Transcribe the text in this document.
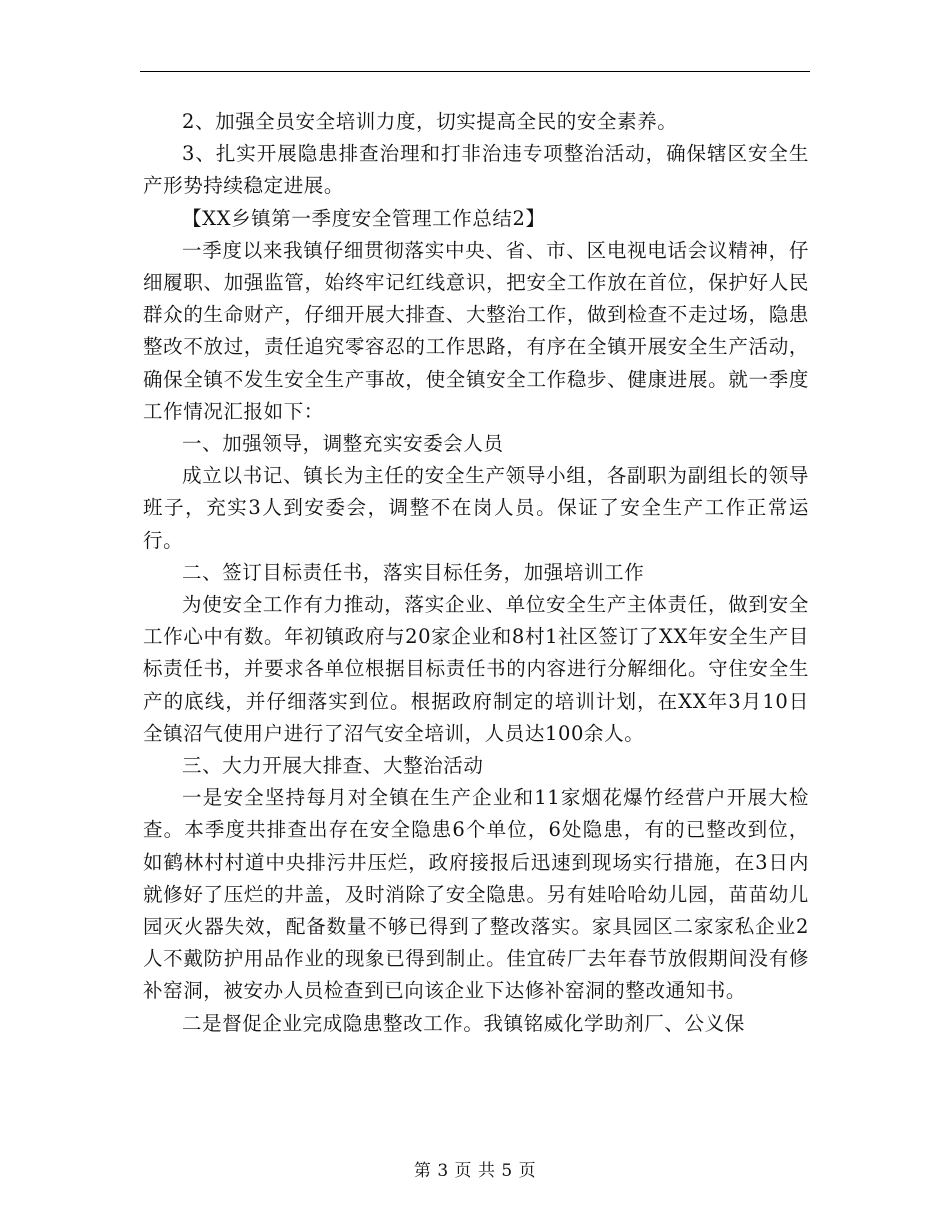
2、加强全员安全培训力度，切实提高全民的安全素养。

3、扎实开展隐患排查治理和打非治违专项整治活动，确保辖区安全生产形势持续稳定进展。

【XX乡镇第一季度安全管理工作总结2】

一季度以来我镇仔细贯彻落实中央、省、市、区电视电话会议精神，仔细履职、加强监管，始终牢记红线意识，把安全工作放在首位，保护好人民群众的生命财产，仔细开展大排查、大整治工作，做到检查不走过场，隐患整改不放过，责任追究零容忍的工作思路，有序在全镇开展安全生产活动，确保全镇不发生安全生产事故，使全镇安全工作稳步、健康进展。就一季度工作情况汇报如下：

一、加强领导，调整充实安委会人员

成立以书记、镇长为主任的安全生产领导小组，各副职为副组长的领导班子，充实3人到安委会，调整不在岗人员。保证了安全生产工作正常运行。

二、签订目标责任书，落实目标任务，加强培训工作

为使安全工作有力推动，落实企业、单位安全生产主体责任，做到安全工作心中有数。年初镇政府与20家企业和8村1社区签订了XX年安全生产目标责任书，并要求各单位根据目标责任书的内容进行分解细化。守住安全生产的底线，并仔细落实到位。根据政府制定的培训计划，在XX年3月10日全镇沼气使用户进行了沼气安全培训，人员达100余人。

三、大力开展大排查、大整治活动

一是安全坚持每月对全镇在生产企业和11家烟花爆竹经营户开展大检查。本季度共排查出存在安全隐患6个单位，6处隐患，有的已整改到位，如鹤林村村道中央排污井压烂，政府接报后迅速到现场实行措施，在3日内就修好了压烂的井盖，及时消除了安全隐患。另有娃哈哈幼儿园，苗苗幼儿园灭火器失效，配备数量不够已得到了整改落实。家具园区二家家私企业2人不戴防护用品作业的现象已得到制止。佳宜砖厂去年春节放假期间没有修补窑洞，被安办人员检查到已向该企业下达修补窑洞的整改通知书。

二是督促企业完成隐患整改工作。我镇铭威化学助剂厂、公义保

第 3 页 共 5 页
